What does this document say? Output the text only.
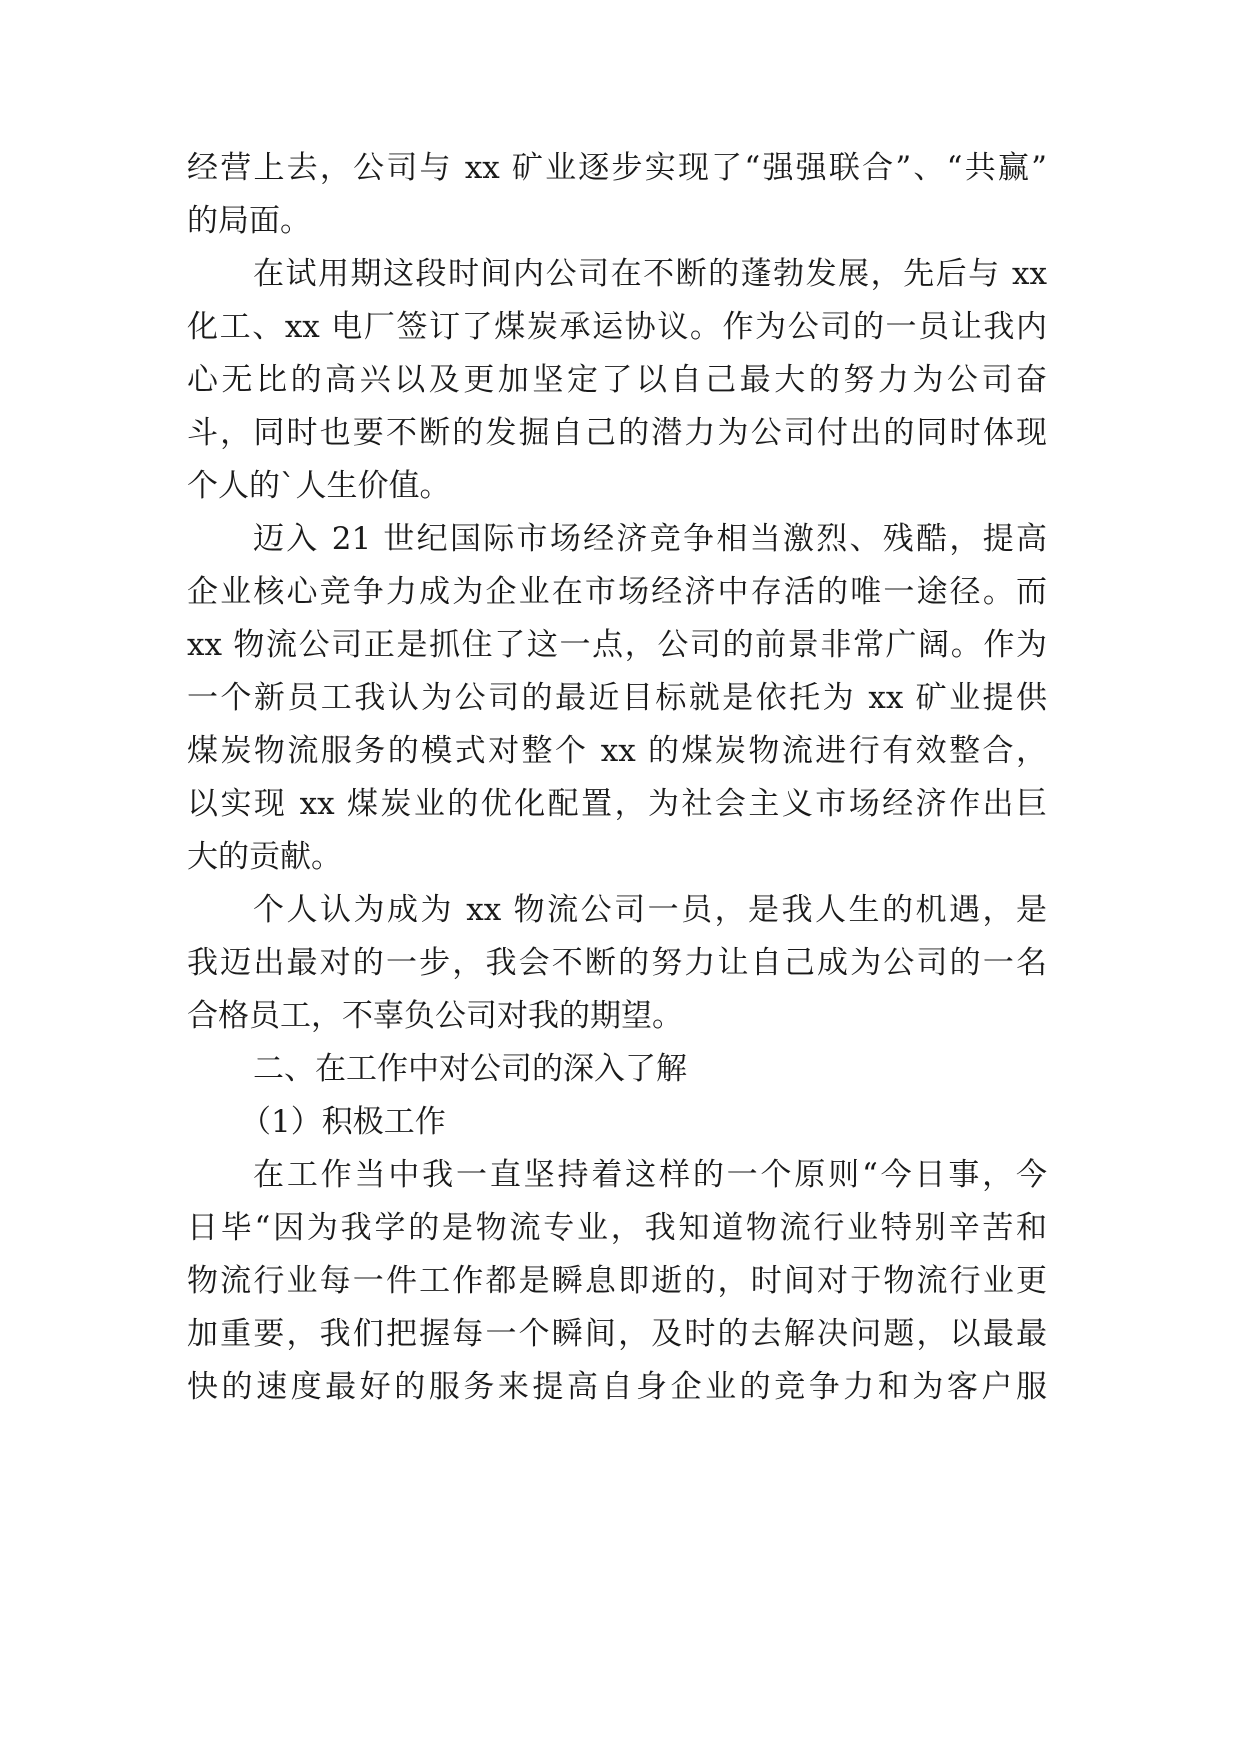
经营上去，公司与 xx 矿业逐步实现了“强强联合”、“共赢”
的局面。
在试用期这段时间内公司在不断的蓬勃发展，先后与 xx
化工、xx 电厂签订了煤炭承运协议。作为公司的一员让我内
心无比的高兴以及更加坚定了以自己最大的努力为公司奋
斗，同时也要不断的发掘自己的潜力为公司付出的同时体现
个人的`人生价值。
迈入 21 世纪国际市场经济竞争相当激烈、残酷，提高
企业核心竞争力成为企业在市场经济中存活的唯一途径。而
xx 物流公司正是抓住了这一点，公司的前景非常广阔。作为
一个新员工我认为公司的最近目标就是依托为 xx 矿业提供
煤炭物流服务的模式对整个 xx 的煤炭物流进行有效整合，
以实现 xx 煤炭业的优化配置，为社会主义市场经济作出巨
大的贡献。
个人认为成为 xx 物流公司一员，是我人生的机遇，是
我迈出最对的一步，我会不断的努力让自己成为公司的一名
合格员工，不辜负公司对我的期望。
二、在工作中对公司的深入了解
（1）积极工作
在工作当中我一直坚持着这样的一个原则“今日事，今
日毕“因为我学的是物流专业，我知道物流行业特别辛苦和
物流行业每一件工作都是瞬息即逝的，时间对于物流行业更
加重要，我们把握每一个瞬间，及时的去解决问题，以最最
快的速度最好的服务来提高自身企业的竞争力和为客户服
